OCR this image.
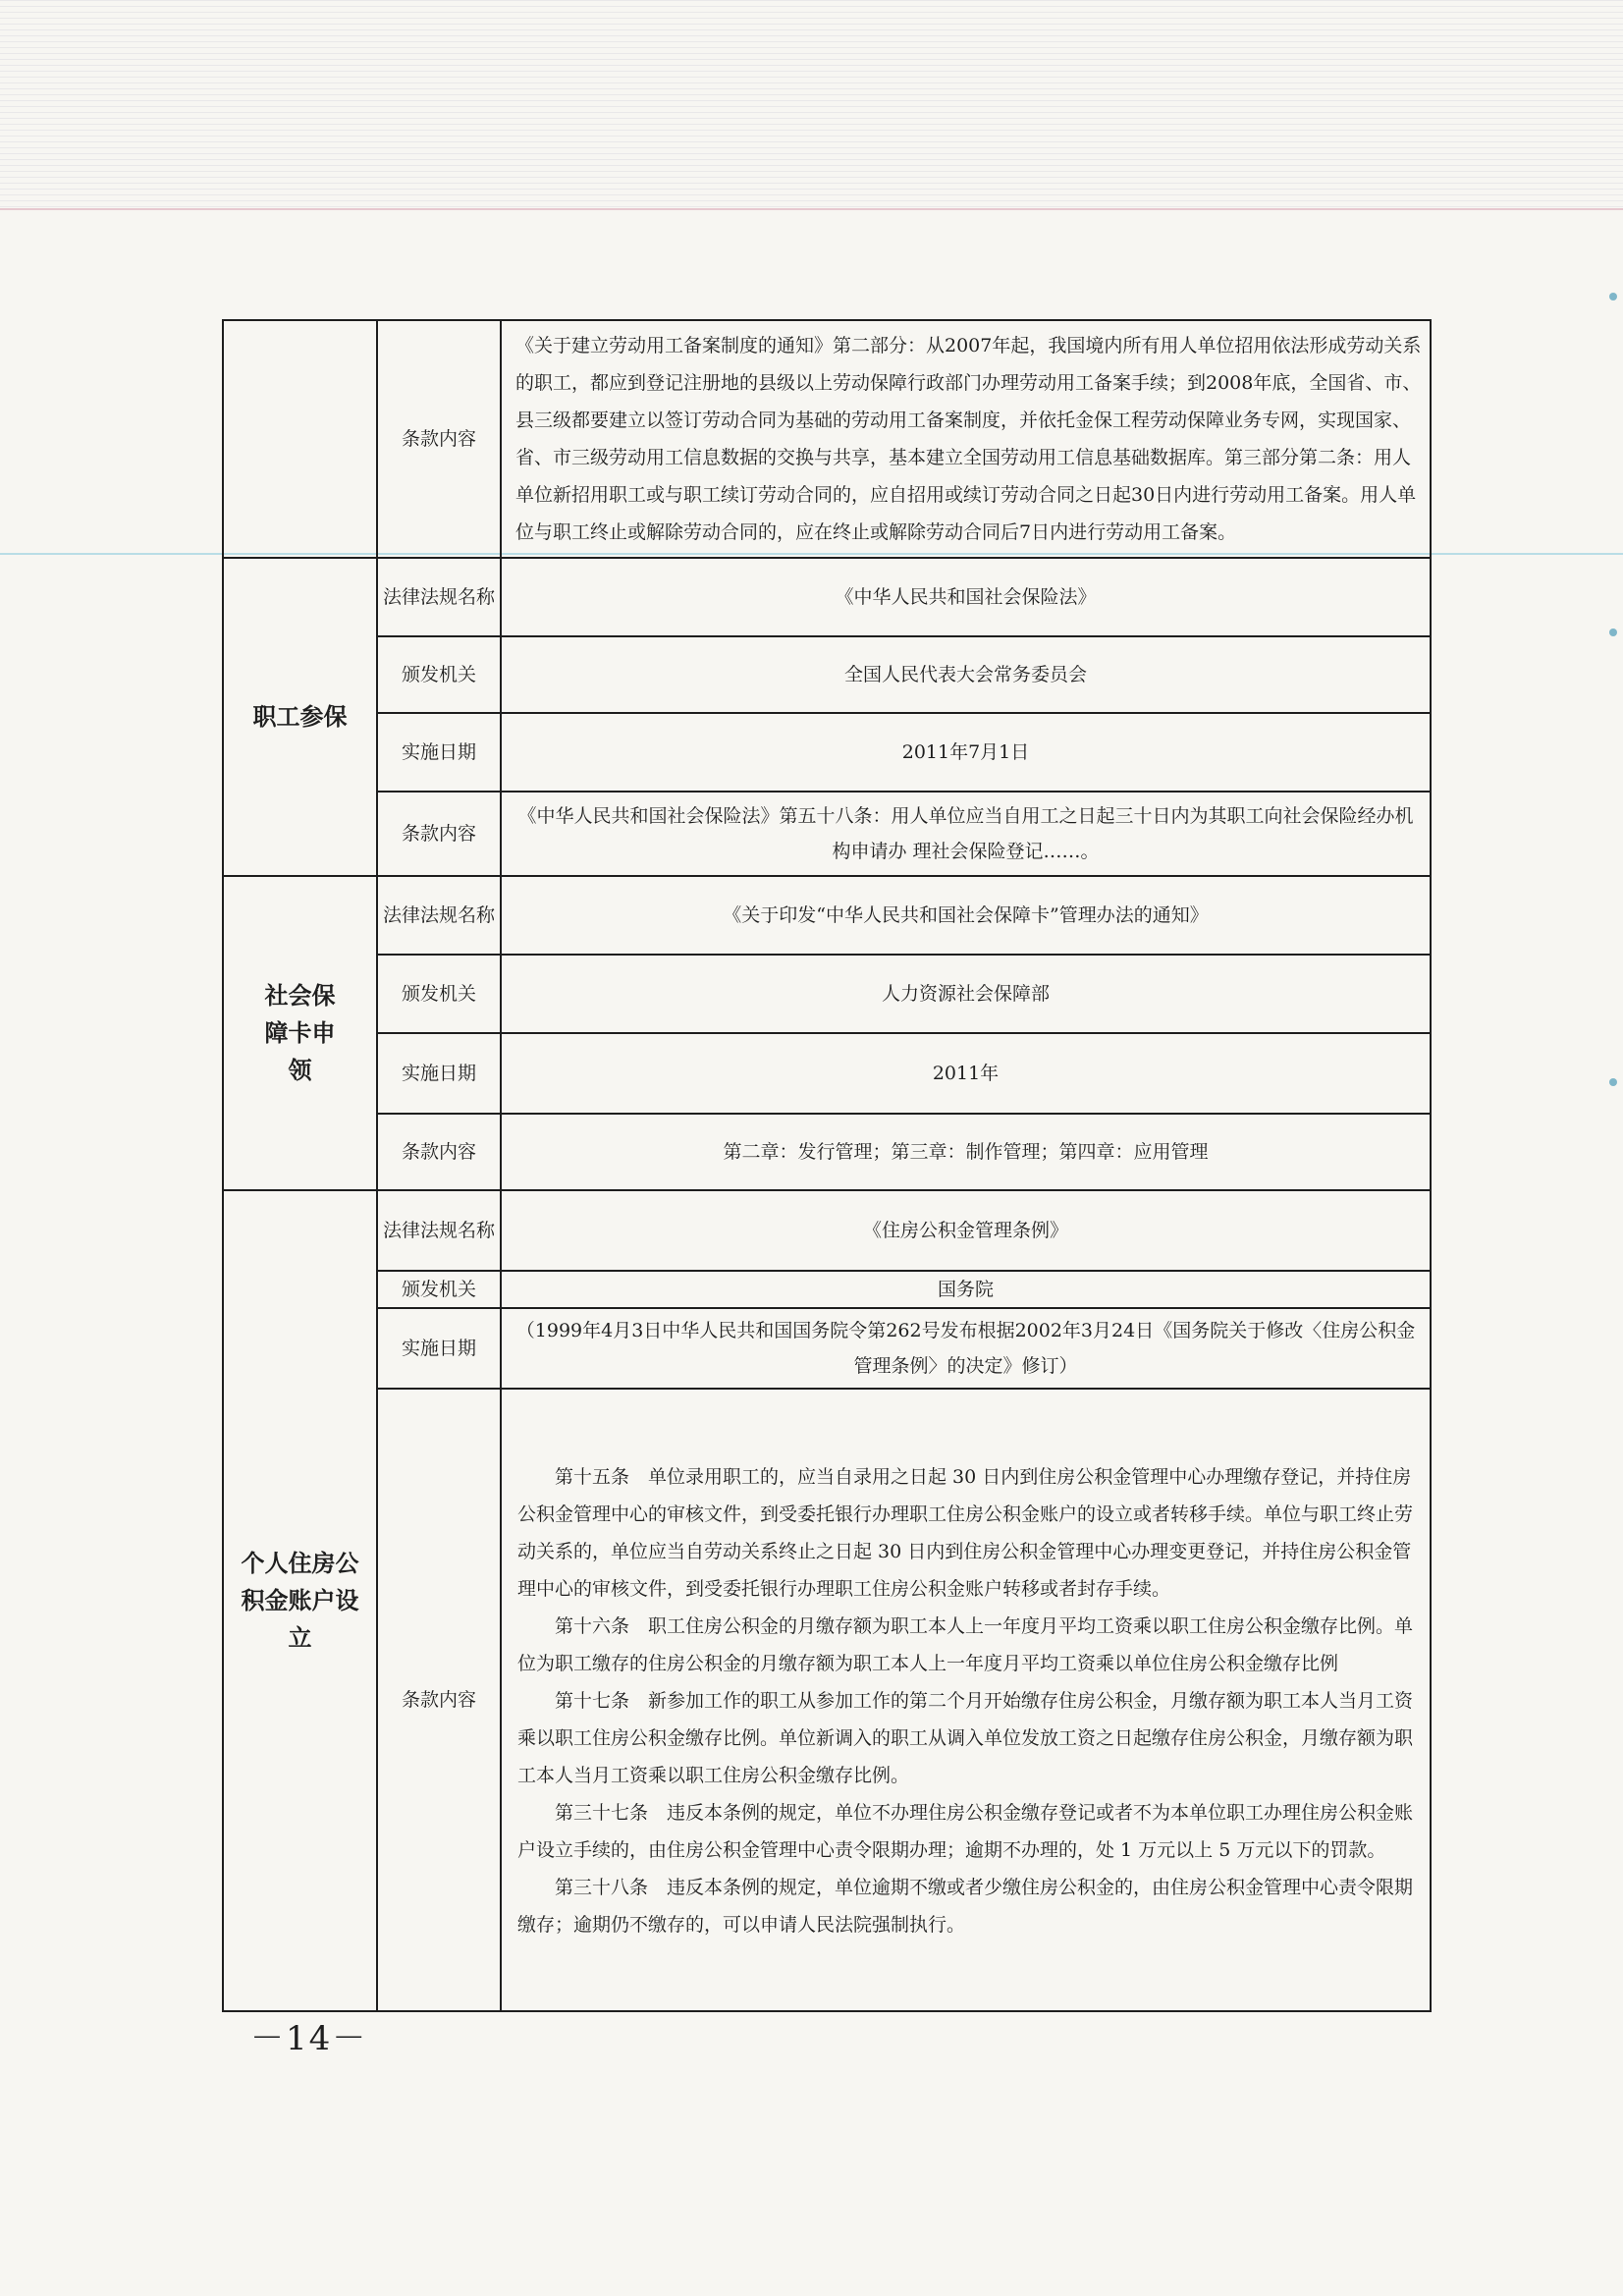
	条款内容	《关于建立劳动用工备案制度的通知》第二部分：从2007年起，我国境内所有用人单位招用依法形成劳动关系的职工，都应到登记注册地的县级以上劳动保障行政部门办理劳动用工备案手续；到2008年底，全国省、市、县三级都要建立以签订劳动合同为基础的劳动用工备案制度，并依托金保工程劳动保障业务专网，实现国家、省、市三级劳动用工信息数据的交换与共享，基本建立全国劳动用工信息基础数据库。第三部分第二条：用人单位新招用职工或与职工续订劳动合同的，应自招用或续订劳动合同之日起30日内进行劳动用工备案。用人单位与职工终止或解除劳动合同的，应在终止或解除劳动合同后7日内进行劳动用工备案。
职工参保	法律法规名称	《中华人民共和国社会保险法》
	颁发机关	全国人民代表大会常务委员会
	实施日期	2011年7月1日
	条款内容	《中华人民共和国社会保险法》第五十八条：用人单位应当自用工之日起三十日内为其职工向社会保险经办机构申请办 理社会保险登记……。
社会保障卡申领	法律法规名称	《关于印发“中华人民共和国社会保障卡”管理办法的通知》
	颁发机关	人力资源社会保障部
	实施日期	2011年
	条款内容	第二章：发行管理；第三章：制作管理；第四章：应用管理
个人住房公积金账户设立	法律法规名称	《住房公积金管理条例》
	颁发机关	国务院
	实施日期	（1999年4月3日中华人民共和国国务院令第262号发布根据2002年3月24日《国务院关于修改〈住房公积金管理条例〉的决定》修订）
	条款内容	第十五条　单位录用职工的，应当自录用之日起 30 日内到住房公积金管理中心办理缴存登记，并持住房公积金管理中心的审核文件，到受委托银行办理职工住房公积金账户的设立或者转移手续。单位与职工终止劳动关系的，单位应当自劳动关系终止之日起 30 日内到住房公积金管理中心办理变更登记，并持住房公积金管理中心的审核文件，到受委托银行办理职工住房公积金账户转移或者封存手续。

第十六条　职工住房公积金的月缴存额为职工本人上一年度月平均工资乘以职工住房公积金缴存比例。单位为职工缴存的住房公积金的月缴存额为职工本人上一年度月平均工资乘以单位住房公积金缴存比例

第十七条　新参加工作的职工从参加工作的第二个月开始缴存住房公积金，月缴存额为职工本人当月工资乘以职工住房公积金缴存比例。单位新调入的职工从调入单位发放工资之日起缴存住房公积金，月缴存额为职工本人当月工资乘以职工住房公积金缴存比例。

第三十七条　违反本条例的规定，单位不办理住房公积金缴存登记或者不为本单位职工办理住房公积金账户设立手续的，由住房公积金管理中心责令限期办理；逾期不办理的，处 1 万元以上 5 万元以下的罚款。

第三十八条　违反本条例的规定，单位逾期不缴或者少缴住房公积金的，由住房公积金管理中心责令限期缴存；逾期仍不缴存的，可以申请人民法院强制执行。

－14－
